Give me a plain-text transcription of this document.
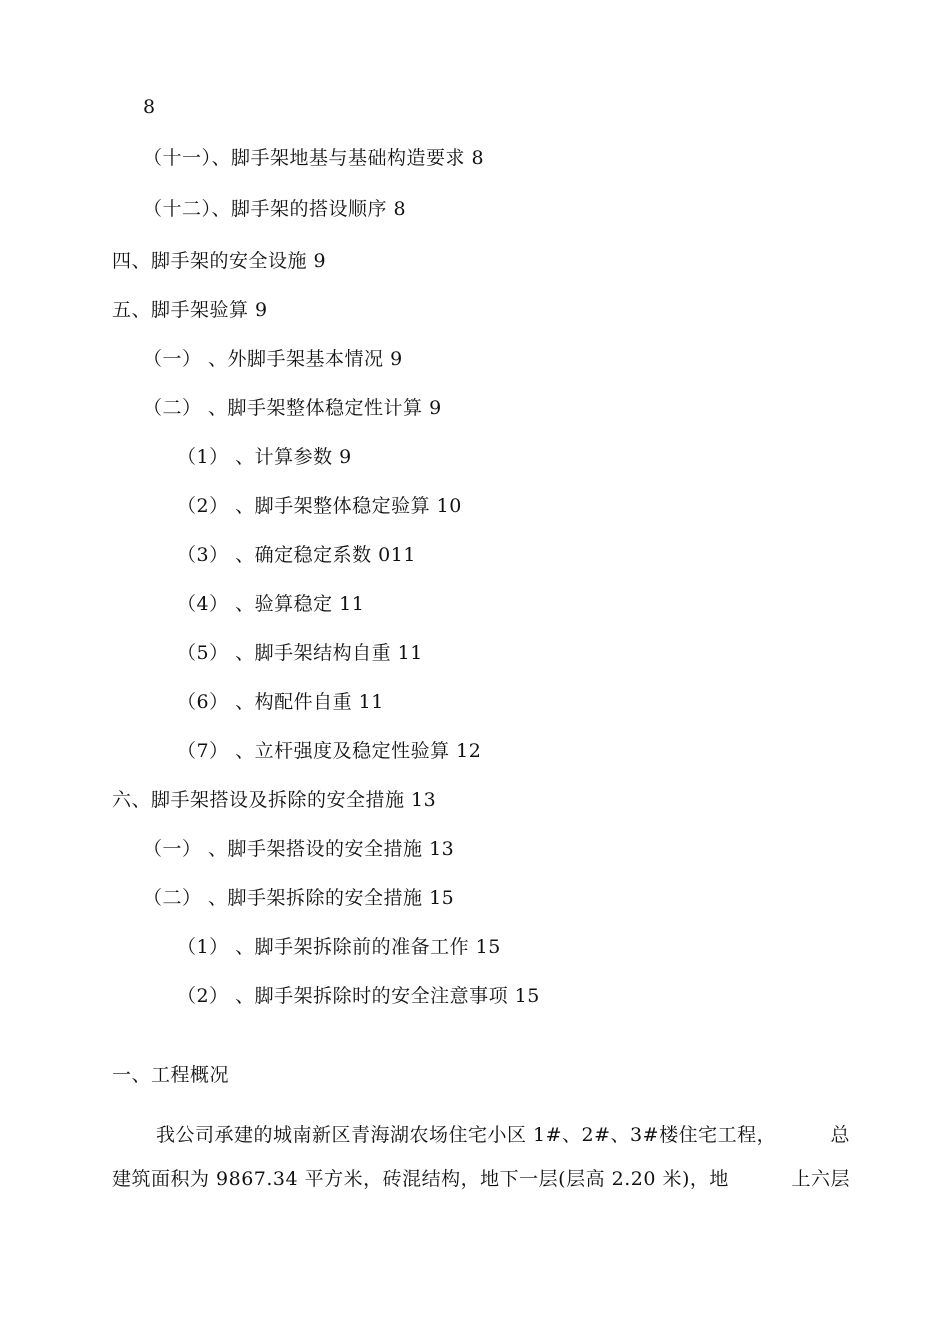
8
（十一）、脚手架地基与基础构造要求 8
（十二）、脚手架的搭设顺序 8
四、脚手架的安全设施 9
五、脚手架验算 9
（一） 、外脚手架基本情况 9
（二） 、脚手架整体稳定性计算 9
（1） 、计算参数 9
（2） 、脚手架整体稳定验算 10
（3） 、确定稳定系数 011
（4） 、验算稳定 11
（5） 、脚手架结构自重 11
（6） 、构配件自重 11
（7） 、立杆强度及稳定性验算 12
六、脚手架搭设及拆除的安全措施 13
（一） 、脚手架搭设的安全措施 13
（二） 、脚手架拆除的安全措施 15
（1） 、脚手架拆除前的准备工作 15
（2） 、脚手架拆除时的安全注意事项 15
一、工程概况
我公司承建的城南新区青海湖农场住宅小区 1#、2#、3#楼住宅工程，	总
建筑面积为 9867.34 平方米，砖混结构，地下一层(层高 2.20 米)，地	上六层
